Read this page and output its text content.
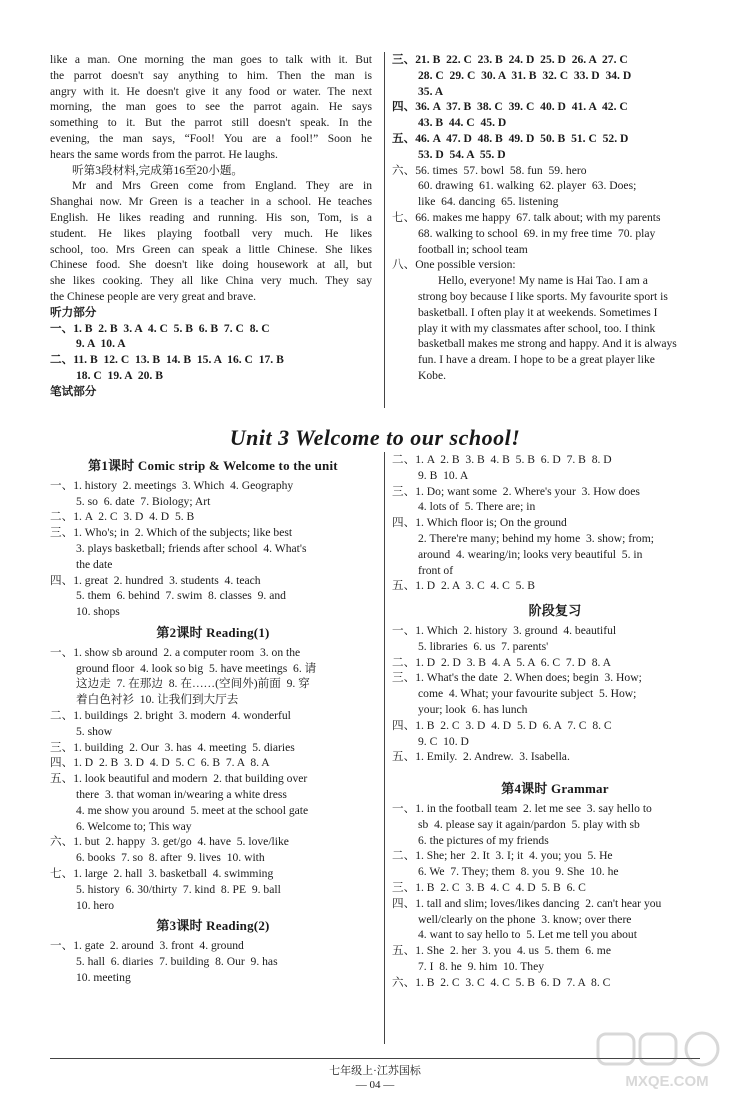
like a man. One morning the man goes to talk with it. But
the parrot doesn't say anything to him. Then the man is
angry with it. He doesn't give it any food or water. The next
morning, the man goes to see the parrot again. He says
something to it. But the parrot still doesn't speak. In the
evening, the man says, “Fool! You are a fool!” Soon he
hears the same words from the parrot. He laughs.
听第3段材料,完成第16至20小题。
Mr and Mrs Green come from England. They are in
Shanghai now. Mr Green is a teacher in a school. He teaches
English. He likes reading and running. His son, Tom, is a
student. He likes playing football very much. He likes
school, too. Mrs Green can speak a little Chinese. She likes
Chinese food. She doesn't like doing housework at all, but
she likes cooking. They all like China very much. They say
the Chinese people are very great and brave.
听力部分
一、1. B  2. B  3. A  4. C  5. B  6. B  7. C  8. C
9. A  10. A
二、11. B  12. C  13. B  14. B  15. A  16. C  17. B
18. C  19. A  20. B
笔试部分
三、21. B  22. C  23. B  24. D  25. D  26. A  27. C
28. C  29. C  30. A  31. B  32. C  33. D  34. D
35. A
四、36. A  37. B  38. C  39. C  40. D  41. A  42. C
43. B  44. C  45. D
五、46. A  47. D  48. B  49. D  50. B  51. C  52. D
53. D  54. A  55. D
六、56. times  57. bowl  58. fun  59. hero
60. drawing  61. walking  62. player  63. Does;
like  64. dancing  65. listening
七、66. makes me happy  67. talk about; with my parents
68. walking to school  69. in my free time  70. play
football in; school team
八、One possible version:
Hello, everyone! My name is Hai Tao. I am a
strong boy because I like sports. My favourite sport is
basketball. I often play it at weekends. Sometimes I
play it with my classmates after school, too. I think
basketball makes me strong and happy. And it is always
fun. I have a dream. I hope to be a great player like
Kobe.
Unit 3 Welcome to our school!
第1课时 Comic strip & Welcome to the unit
一、1. history  2. meetings  3. Which  4. Geography
5. so  6. date  7. Biology; Art
二、1. A  2. C  3. D  4. D  5. B
三、1. Who's; in  2. Which of the subjects; like best
3. plays basketball; friends after school  4. What's
the date
四、1. great  2. hundred  3. students  4. teach
5. them  6. behind  7. swim  8. classes  9. and
10. shops
第2课时 Reading(1)
一、1. show sb around  2. a computer room  3. on the
ground floor  4. look so big  5. have meetings  6. 请
这边走  7. 在那边  8. 在……(空间外)前面  9. 穿
着白色衬衫  10. 让我们到大厅去
二、1. buildings  2. bright  3. modern  4. wonderful
5. show
三、1. building  2. Our  3. has  4. meeting  5. diaries
四、1. D  2. B  3. D  4. D  5. C  6. B  7. A  8. A
五、1. look beautiful and modern  2. that building over
there  3. that woman in/wearing a white dress
4. me show you around  5. meet at the school gate
6. Welcome to; This way
六、1. but  2. happy  3. get/go  4. have  5. love/like
6. books  7. so  8. after  9. lives  10. with
七、1. large  2. hall  3. basketball  4. swimming
5. history  6. 30/thirty  7. kind  8. PE  9. ball
10. hero
第3课时 Reading(2)
一、1. gate  2. around  3. front  4. ground
5. hall  6. diaries  7. building  8. Our  9. has
10. meeting
二、1. A  2. B  3. B  4. B  5. B  6. D  7. B  8. D
9. B  10. A
三、1. Do; want some  2. Where's your  3. How does
4. lots of  5. There are; in
四、1. Which floor is; On the ground
2. There're many; behind my home  3. show; from;
around  4. wearing/in; looks very beautiful  5. in
front of
五、1. D  2. A  3. C  4. C  5. B
阶段复习
一、1. Which  2. history  3. ground  4. beautiful
5. libraries  6. us  7. parents'
二、1. D  2. D  3. B  4. A  5. A  6. C  7. D  8. A
三、1. What's the date  2. When does; begin  3. How;
come  4. What; your favourite subject  5. How;
your; look  6. has lunch
四、1. B  2. C  3. D  4. D  5. D  6. A  7. C  8. C
9. C  10. D
五、1. Emily.  2. Andrew.  3. Isabella.
第4课时 Grammar
一、1. in the football team  2. let me see  3. say hello to
sb  4. please say it again/pardon  5. play with sb
6. the pictures of my friends
二、1. She; her  2. It  3. I; it  4. you; you  5. He
6. We  7. They; them  8. you  9. She  10. he
三、1. B  2. C  3. B  4. C  4. D  5. B  6. C
四、1. tall and slim; loves/likes dancing  2. can't hear you
well/clearly on the phone  3. know; over there
4. want to say hello to  5. Let me tell you about
五、1. She  2. her  3. you  4. us  5. them  6. me
7. I  8. he  9. him  10. They
六、1. B  2. C  3. C  4. C  5. B  6. D  7. A  8. C
七年级上·江苏国标
— 04 —	MXQE.COM
